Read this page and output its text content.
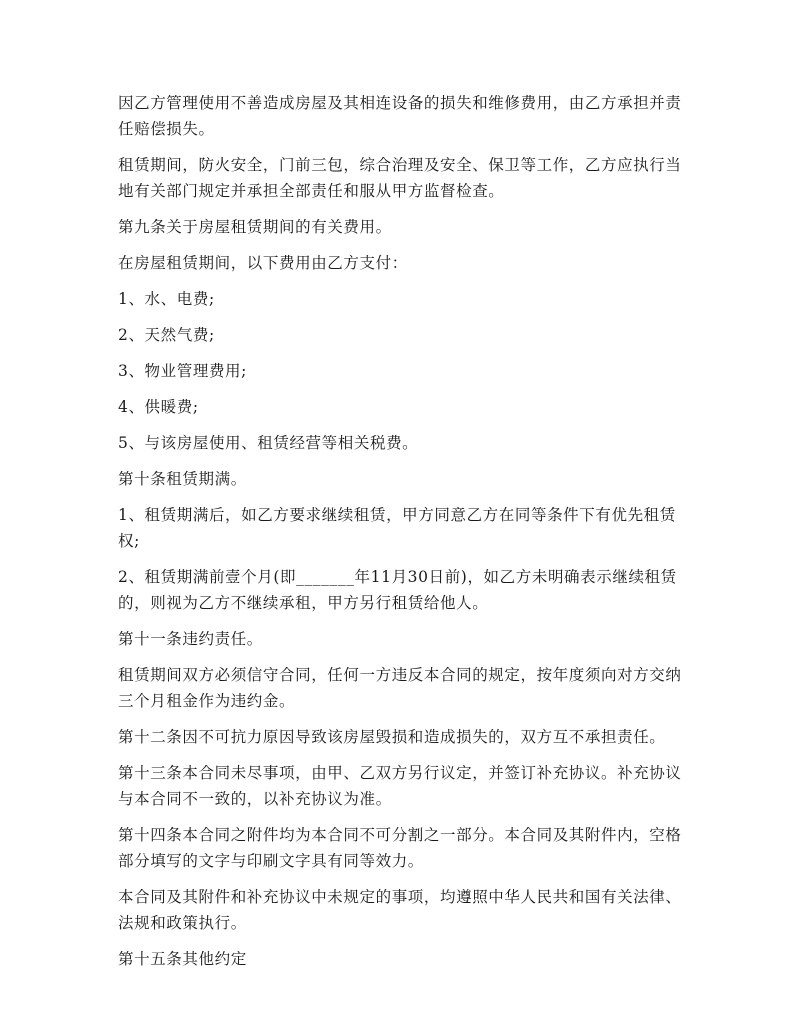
因乙方管理使用不善造成房屋及其相连设备的损失和维修费用，由乙方承担并责任赔偿损失。

租赁期间，防火安全，门前三包，综合治理及安全、保卫等工作，乙方应执行当地有关部门规定并承担全部责任和服从甲方监督检查。

第九条关于房屋租赁期间的有关费用。

在房屋租赁期间，以下费用由乙方支付：

1、水、电费;

2、天然气费;

3、物业管理费用;

4、供暖费;

5、与该房屋使用、租赁经营等相关税费。

第十条租赁期满。

1、租赁期满后，如乙方要求继续租赁，甲方同意乙方在同等条件下有优先租赁权;

2、租赁期满前壹个月(即_______年11月30日前)，如乙方未明确表示继续租赁的，则视为乙方不继续承租，甲方另行租赁给他人。

第十一条违约责任。

租赁期间双方必须信守合同，任何一方违反本合同的规定，按年度须向对方交纳三个月租金作为违约金。

第十二条因不可抗力原因导致该房屋毁损和造成损失的，双方互不承担责任。

第十三条本合同未尽事项，由甲、乙双方另行议定，并签订补充协议。补充协议与本合同不一致的，以补充协议为准。

第十四条本合同之附件均为本合同不可分割之一部分。本合同及其附件内，空格部分填写的文字与印刷文字具有同等效力。

本合同及其附件和补充协议中未规定的事项，均遵照中华人民共和国有关法律、法规和政策执行。

第十五条其他约定
